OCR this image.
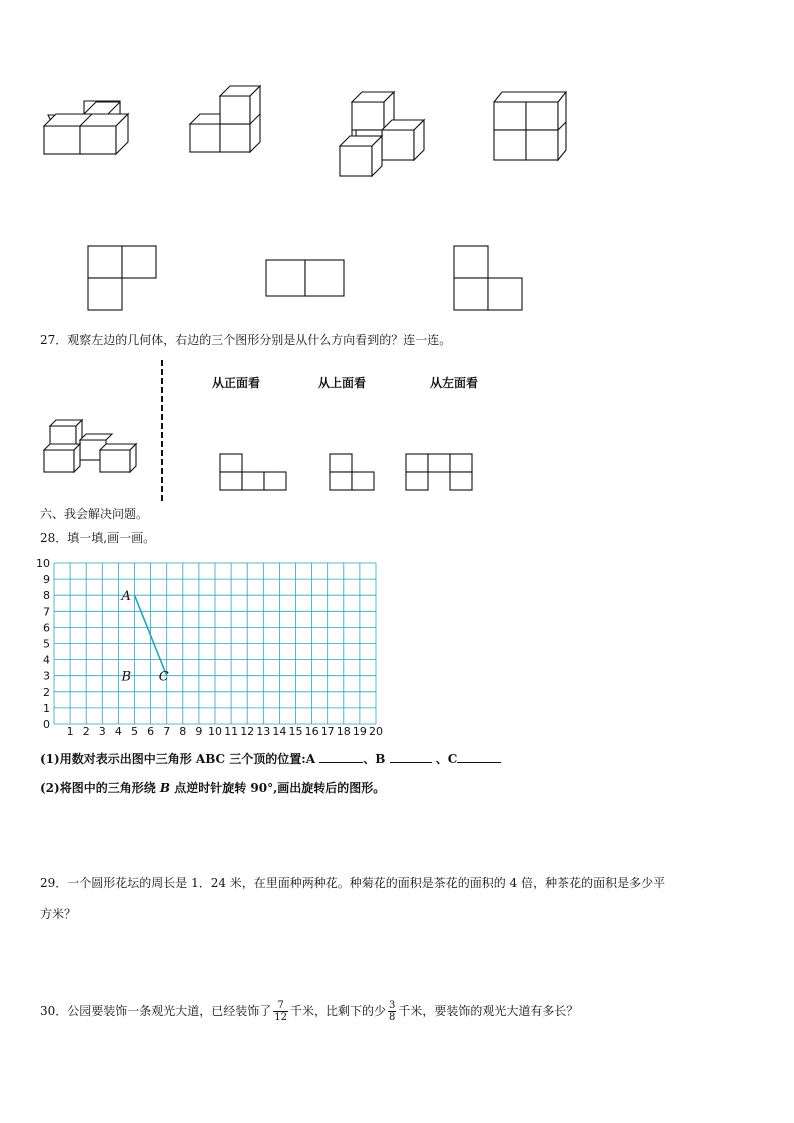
27．观察左边的几何体，右边的三个图形分别是从什么方向看到的？连一连。
从正面看	从上面看	从左面看
六、我会解决问题。
28．填一填,画一画。
1 2 3 4 5 6 7 8 9 10 11 12 13 14 15 16 17 18 19 20
0
1
2
3
4
5
6
7
8
9
10
A
B C
(1)用数对表示出图中三角形 ABC 三个顶的位置:A	、B	、C
(2)将图中的三角形绕 B 点逆时针旋转 90°,画出旋转后的图形。
29．一个圆形花坛的周长是 1．24 米，在里面种两种花。种菊花的面积是茶花的面积的 4 倍，种茶花的面积是多少平
方米？
30．公园要装饰一条观光大道，已经装饰了 $\frac{7}{12}$ 千米，比剩下的少 $\frac{3}{8}$ 千米，要装饰的观光大道有多长？
